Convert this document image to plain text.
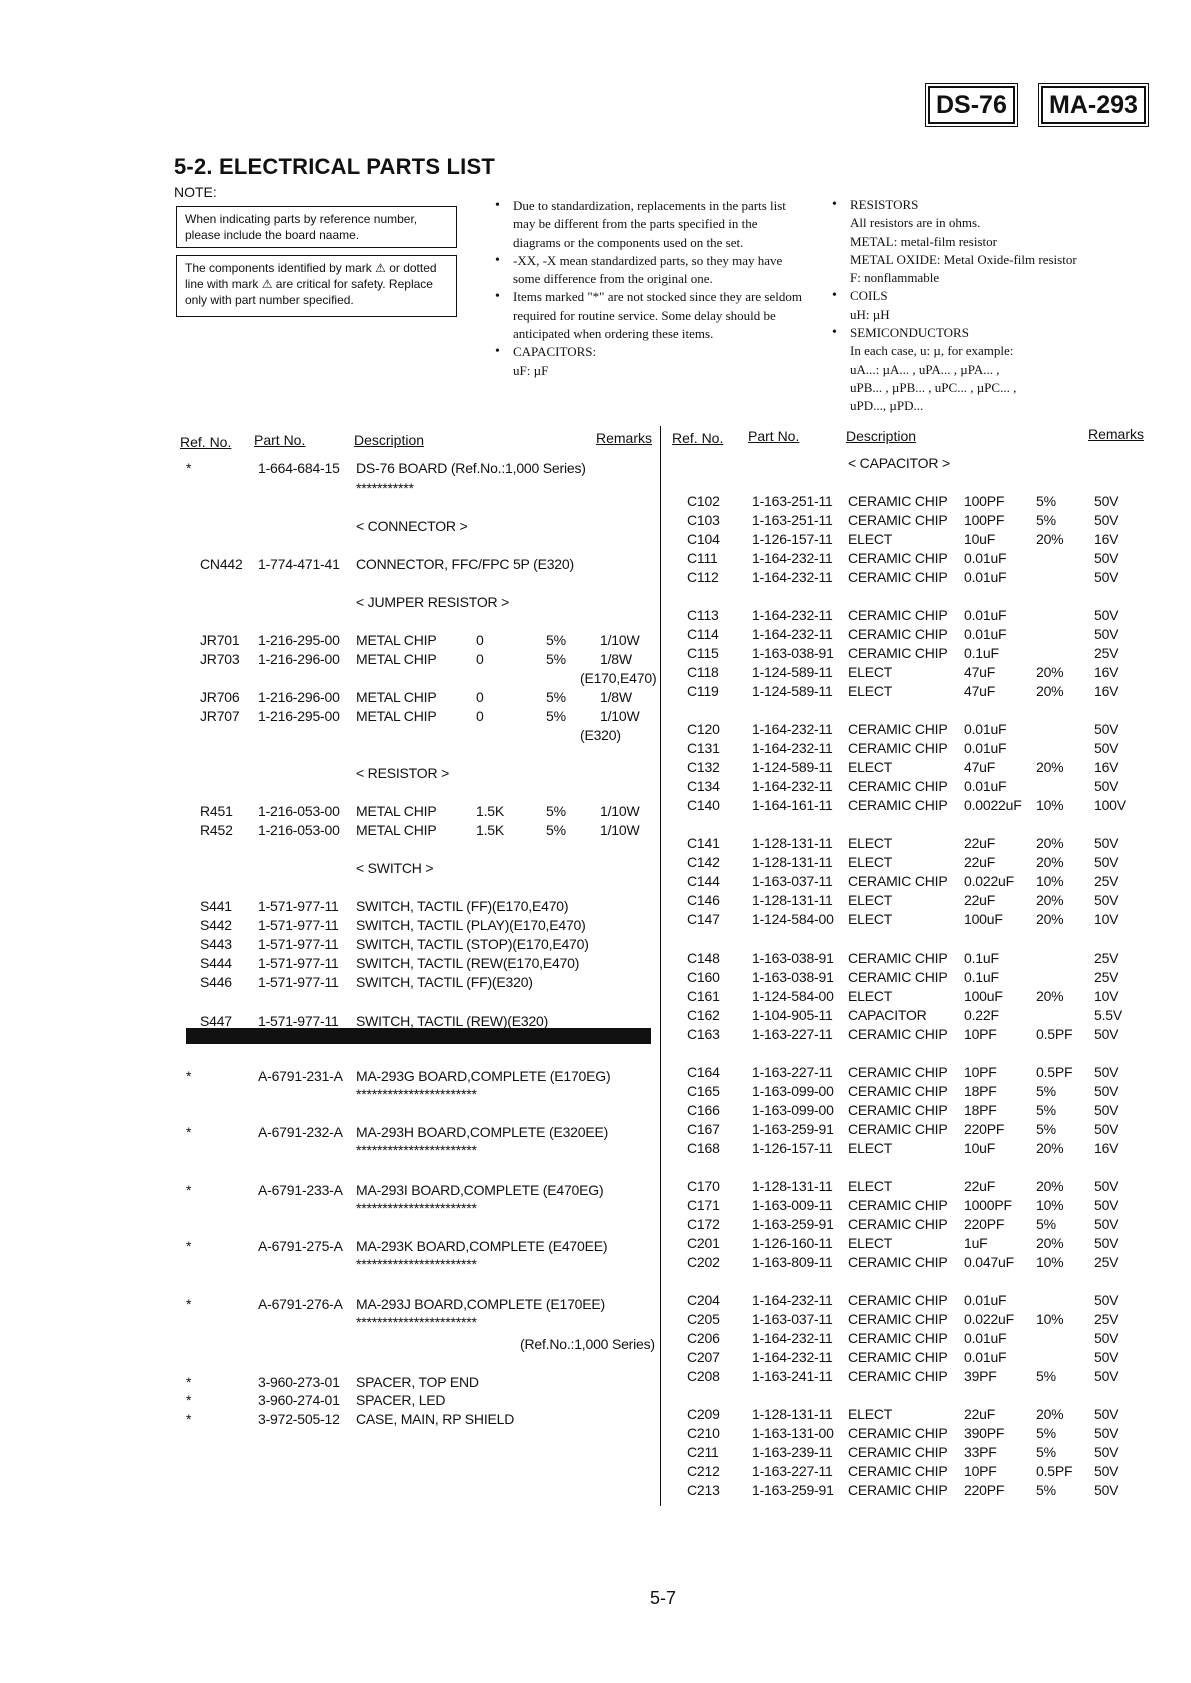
DS-76	MA-293
5-2. ELECTRICAL PARTS LIST
NOTE:
When indicating parts by reference number, please include the board naame.
The components identified by mark ⚠ or dotted line with mark ⚠ are critical for safety. Replace only with part number specified.
• Due to standardization, replacements in the parts list may be different from the parts specified in the diagrams or the components used on the set.
• -XX, -X mean standardized parts, so they may have some difference from the original one.
• Items marked "*" are not stocked since they are seldom required for routine service. Some delay should be anticipated when ordering these items.
• CAPACITORS:
uF: µF
• RESISTORS
All resistors are in ohms.
METAL: metal-film resistor
METAL OXIDE: Metal Oxide-film resistor
F: nonflammable
• COILS
uH: µH
• SEMICONDUCTORS
In each case, u: µ, for example:
uA...: µA... , uPA... , µPA... ,
uPB... , µPB... , uPC... , µPC... ,
uPD..., µPD...
Ref. No. Part No.	Description	Remarks Ref. No. Part No.	Description	Remarks
*	1-664-684-15 DS-76 BOARD (Ref.No.:1,000 Series)
***********
< CONNECTOR >
CN442 1-774-471-41 CONNECTOR, FFC/FPC 5P (E320)
< JUMPER RESISTOR >
JR701 1-216-295-00 METAL CHIP	0	5% 1/10W
JR703 1-216-296-00 METAL CHIP	0	5% 1/8W
(E170,E470)
JR706 1-216-296-00 METAL CHIP	0	5% 1/8W
JR707 1-216-295-00 METAL CHIP	0	5% 1/10W
(E320)
< RESISTOR >
R451 1-216-053-00 METAL CHIP	1.5K	5% 1/10W
R452 1-216-053-00 METAL CHIP	1.5K	5% 1/10W
< SWITCH >
S441 1-571-977-11 SWITCH, TACTIL (FF)(E170,E470)
S442 1-571-977-11 SWITCH, TACTIL (PLAY)(E170,E470)
S443 1-571-977-11 SWITCH, TACTIL (STOP)(E170,E470)
S444 1-571-977-11 SWITCH, TACTIL (REW(E170,E470)
S446 1-571-977-11 SWITCH, TACTIL (FF)(E320)
S447 1-571-977-11 SWITCH, TACTIL (REW)(E320)
*	A-6791-231-A MA-293G BOARD,COMPLETE (E170EG)
***********************
*	A-6791-232-A MA-293H BOARD,COMPLETE (E320EE)
***********************
*	A-6791-233-A MA-293I BOARD,COMPLETE (E470EG)
***********************
*	A-6791-275-A MA-293K BOARD,COMPLETE (E470EE)
***********************
*	A-6791-276-A MA-293J BOARD,COMPLETE (E170EE)
***********************
(Ref.No.:1,000 Series)
*	3-960-273-01 SPACER, TOP END
*	3-960-274-01 SPACER, LED
*	3-972-505-12 CASE, MAIN, RP SHIELD
< CAPACITOR >
C102 1-163-251-11 CERAMIC CHIP 100PF 5%	50V
C103 1-163-251-11 CERAMIC CHIP 100PF 5%	50V
C104 1-126-157-11 ELECT	10uF	20% 16V
C111 1-164-232-11 CERAMIC CHIP 0.01uF	50V
C112 1-164-232-11 CERAMIC CHIP 0.01uF	50V
C113 1-164-232-11 CERAMIC CHIP 0.01uF	50V
C114 1-164-232-11 CERAMIC CHIP 0.01uF	50V
C115 1-163-038-91 CERAMIC CHIP 0.1uF	25V
C118 1-124-589-11 ELECT	47uF	20% 16V
C119 1-124-589-11 ELECT	47uF	20% 16V
C120 1-164-232-11 CERAMIC CHIP 0.01uF	50V
C131 1-164-232-11 CERAMIC CHIP 0.01uF	50V
C132 1-124-589-11 ELECT	47uF	20% 16V
C134 1-164-232-11 CERAMIC CHIP 0.01uF	50V
C140 1-164-161-11 CERAMIC CHIP 0.0022uF 10% 100V
C141 1-128-131-11 ELECT	22uF	20% 50V
C142 1-128-131-11 ELECT	22uF	20% 50V
C144 1-163-037-11 CERAMIC CHIP 0.022uF 10% 25V
C146 1-128-131-11 ELECT	22uF	20% 50V
C147 1-124-584-00 ELECT	100uF 20% 10V
C148 1-163-038-91 CERAMIC CHIP 0.1uF	25V
C160 1-163-038-91 CERAMIC CHIP 0.1uF	25V
C161 1-124-584-00 ELECT	100uF 20% 10V
C162 1-104-905-11 CAPACITOR	0.22F	5.5V
C163 1-163-227-11 CERAMIC CHIP 10PF	0.5PF 50V
C164 1-163-227-11 CERAMIC CHIP 10PF	0.5PF 50V
C165 1-163-099-00 CERAMIC CHIP 18PF	5%	50V
C166 1-163-099-00 CERAMIC CHIP 18PF	5%	50V
C167 1-163-259-91 CERAMIC CHIP 220PF 5%	50V
C168 1-126-157-11 ELECT	10uF	20% 16V
C170 1-128-131-11 ELECT	22uF	20% 50V
C171 1-163-009-11 CERAMIC CHIP 1000PF 10% 50V
C172 1-163-259-91 CERAMIC CHIP 220PF 5%	50V
C201 1-126-160-11 ELECT	1uF	20% 50V
C202 1-163-809-11 CERAMIC CHIP 0.047uF 10% 25V
C204 1-164-232-11 CERAMIC CHIP 0.01uF	50V
C205 1-163-037-11 CERAMIC CHIP 0.022uF 10% 25V
C206 1-164-232-11 CERAMIC CHIP 0.01uF	50V
C207 1-164-232-11 CERAMIC CHIP 0.01uF	50V
C208 1-163-241-11 CERAMIC CHIP 39PF	5%	50V
C209 1-128-131-11 ELECT	22uF	20% 50V
C210 1-163-131-00 CERAMIC CHIP 390PF 5%	50V
C211 1-163-239-11 CERAMIC CHIP 33PF	5%	50V
C212 1-163-227-11 CERAMIC CHIP 10PF	0.5PF 50V
C213 1-163-259-91 CERAMIC CHIP 220PF 5%	50V
5-7
